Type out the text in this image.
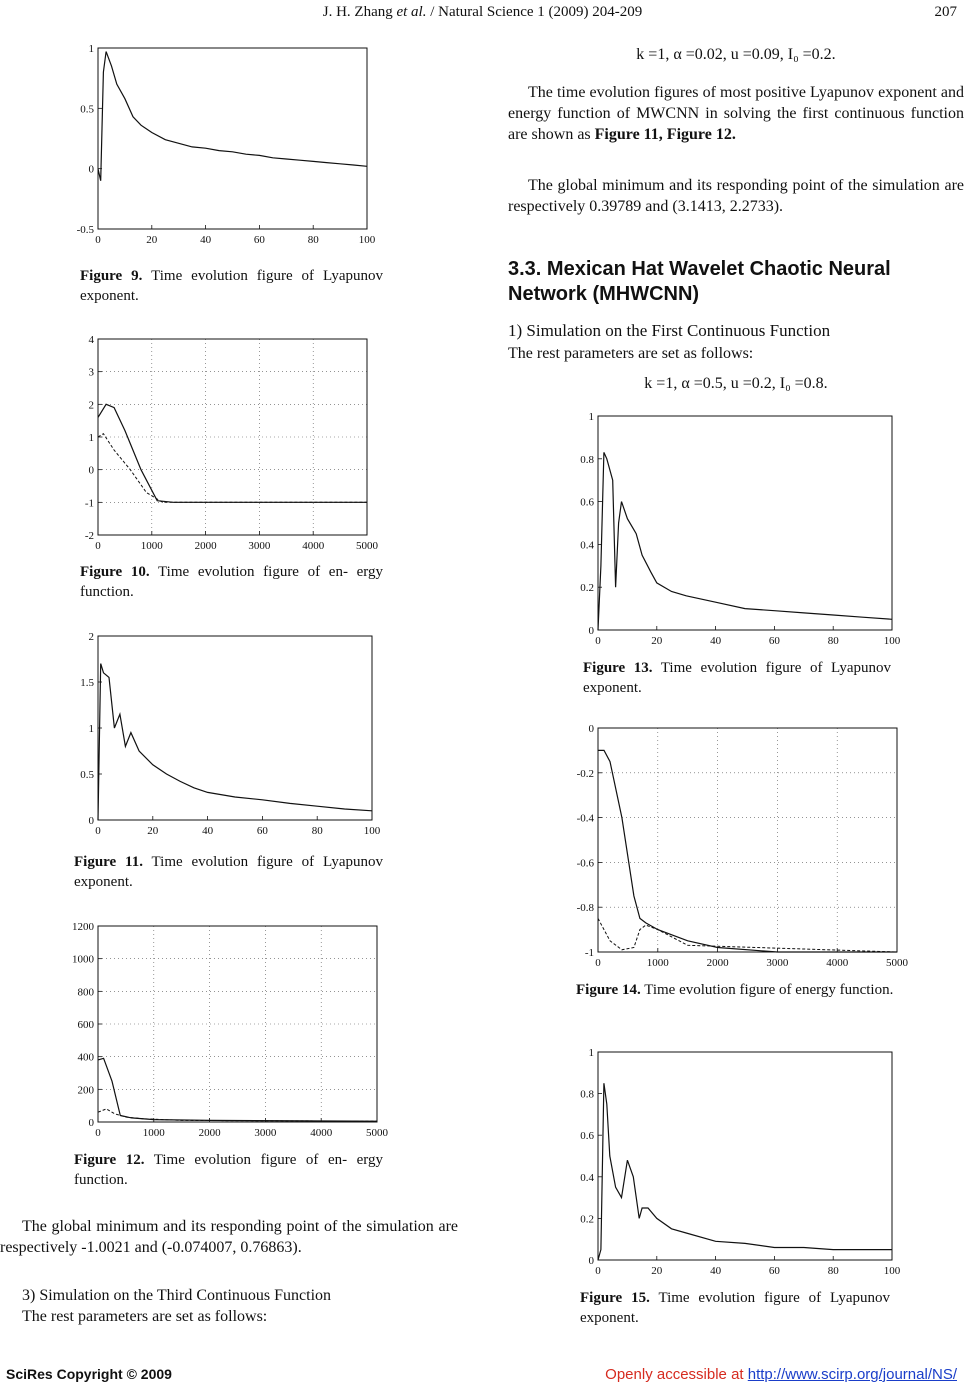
J. H. Zhang et al. / Natural Science 1 (2009) 204-209	207
0	20	40	60	80	100
-0.5
0
0.5
1
Figure 9. Time evolution figure of Lyapunov exponent.
0	1000	2000	3000	4000	5000
-2
-1
0
1
2
3
4
Figure 10. Time evolution figure of en- ergy function.
0	20	40	60	80	100
0
0.5
1
1.5
2
Figure 11. Time evolution figure of Lyapunov exponent.
0	1000	2000	3000	4000	5000
0
200
400
600
800
1000
1200
Figure 12. Time evolution figure of en- ergy function.
The global minimum and its responding point of the simulation are respectively -1.0021 and (-0.074007, 0.76863).
3) Simulation on the Third Continuous Function
The rest parameters are set as follows:
k =1, α =0.02, u =0.09, I₀ =0.2.
The time evolution figures of most positive Lyapunov exponent and energy function of MWCNN in solving the first continuous function are shown as Figure 11, Figure 12.
The global minimum and its responding point of the simulation are respectively 0.39789 and (3.1413, 2.2733).
3.3. Mexican Hat Wavelet Chaotic Neural Network (MHWCNN)
1) Simulation on the First Continuous Function
The rest parameters are set as follows:
k =1, α =0.5, u =0.2, I₀ =0.8.
0	20	40	60	80	100
0
0.2
0.4
0.6
0.8
1
Figure 13. Time evolution figure of Lyapunov exponent.
0	1000	2000	3000	4000	5000
-1
-0.8
-0.6
-0.4
-0.2
0
Figure 14. Time evolution figure of energy function.
0	20	40	60	80	100
0
0.2
0.4
0.6
0.8
1
Figure 15. Time evolution figure of Lyapunov exponent.
SciRes Copyright © 2009	Openly accessible at http://www.scirp.org/journal/NS/
